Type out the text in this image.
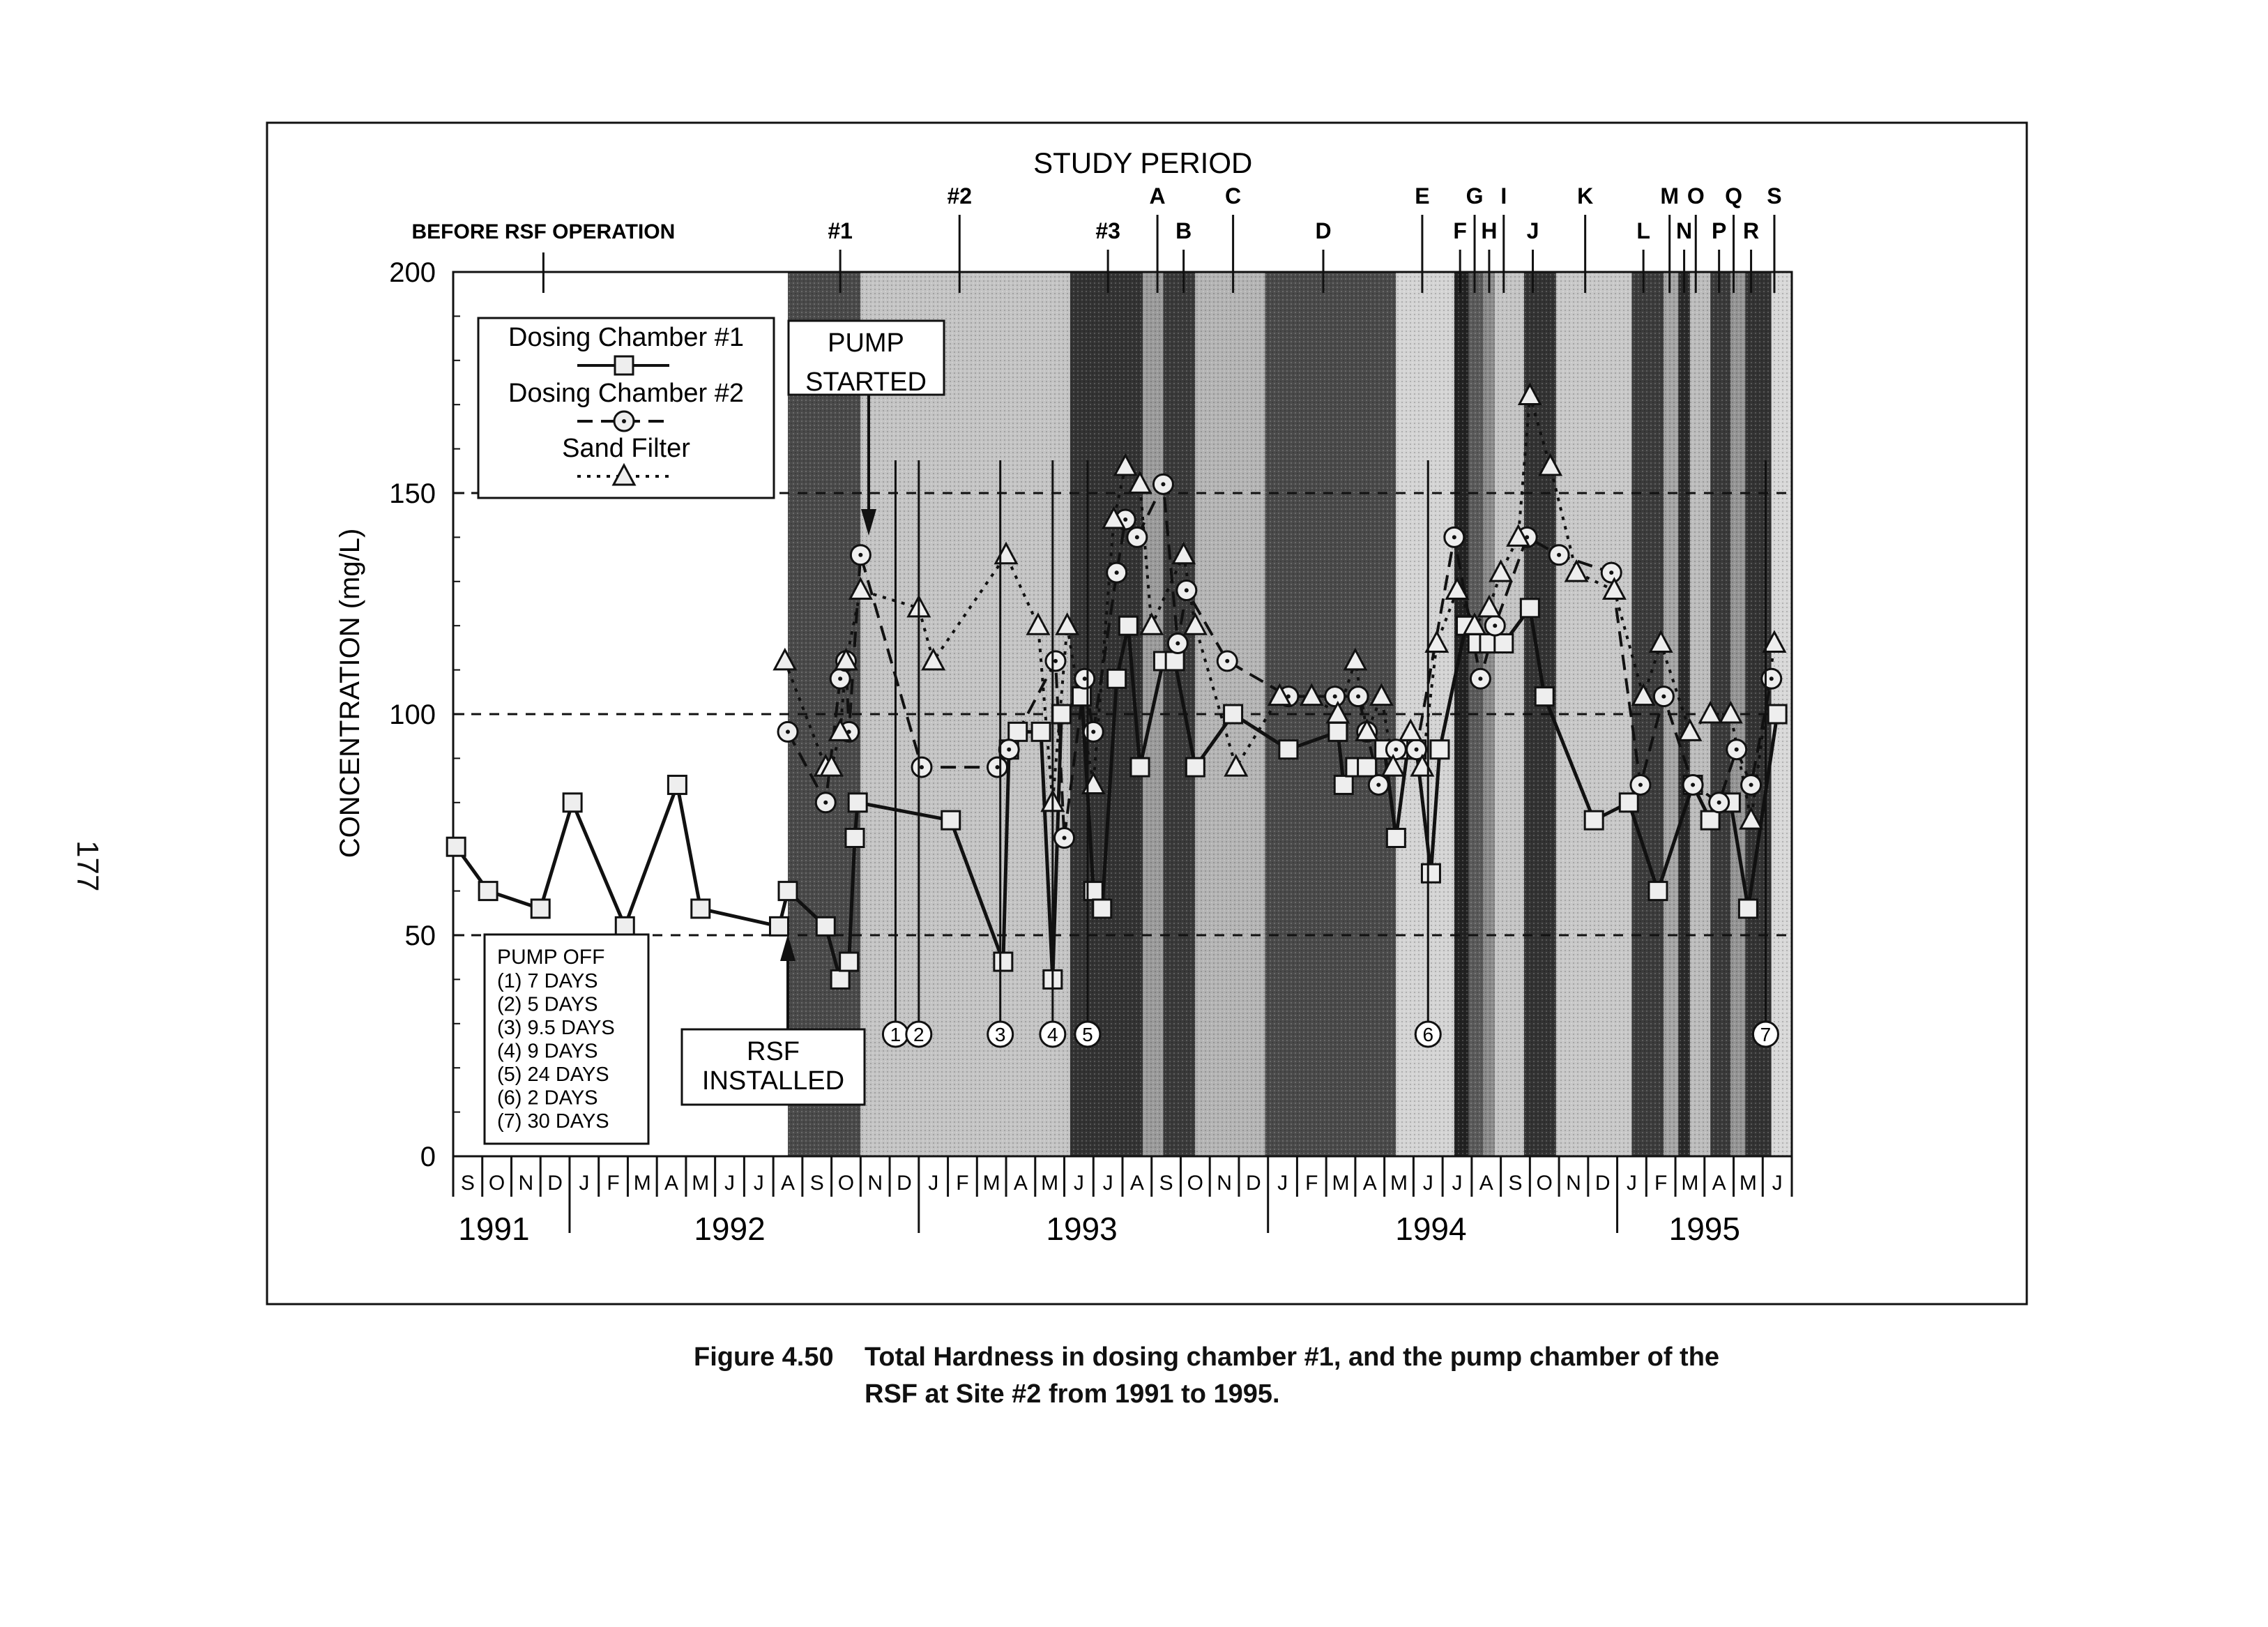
177
0
50
100
150
200
CONCENTRATION (mg/L)
S O N D J F M A M J J A S O N D J F M A M J J A S O N D J F M A M J J A S O N D J F M A M J
1991	1992	1993	1994	1995
STUDY PERIOD
BEFORE RSF OPERATION	#1
#2
#3
A
B
C
D
E
F
G
H
I
J
K
L
M
N
O
P
Q
R
S
Dosing Chamber #1
Dosing Chamber #2
Sand Filter
PUMP OFF
(1) 7 DAYS
(2) 5 DAYS
(3) 9.5 DAYS
(4) 9 DAYS
(5) 24 DAYS
(6) 2 DAYS
(7) 30 DAYS
1 2	3 4 5	6	7
PUMP
STARTED
RSF
INSTALLED
Figure 4.50 Total Hardness in dosing chamber #1, and the pump chamber of the
RSF at Site #2 from 1991 to 1995.
